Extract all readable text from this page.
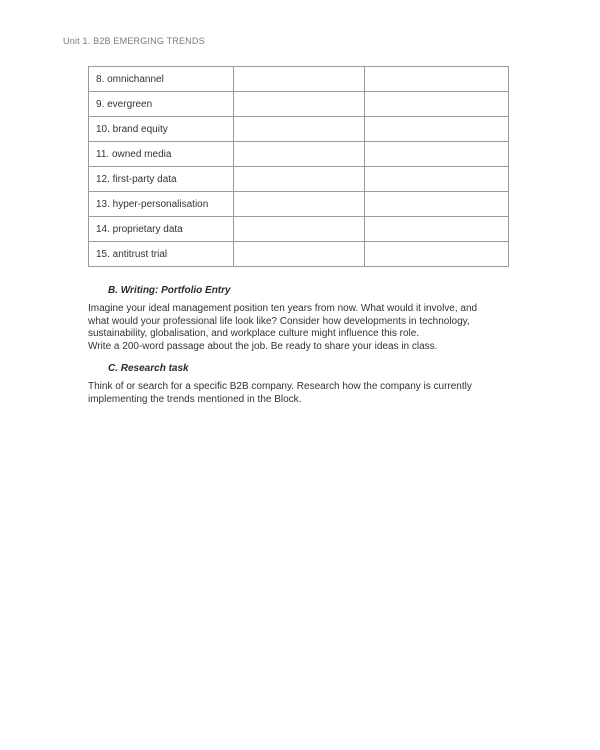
Unit 1. B2B EMERGING TRENDS
8. omnichannel		
9. evergreen		
10. brand equity		
11. owned media		
12. first-party data		
13. hyper-personalisation		
14. proprietary data		
15. antitrust trial		
B. Writing: Portfolio Entry

Imagine your ideal management position ten years from now. What would it involve, and

what would your professional life look like? Consider how developments in technology,

sustainability, globalisation, and workplace culture might influence this role.

Write a 200-word passage about the job. Be ready to share your ideas in class.

C. Research task

Think of or search for a specific B2B company. Research how the company is currently

implementing the trends mentioned in the Block.
